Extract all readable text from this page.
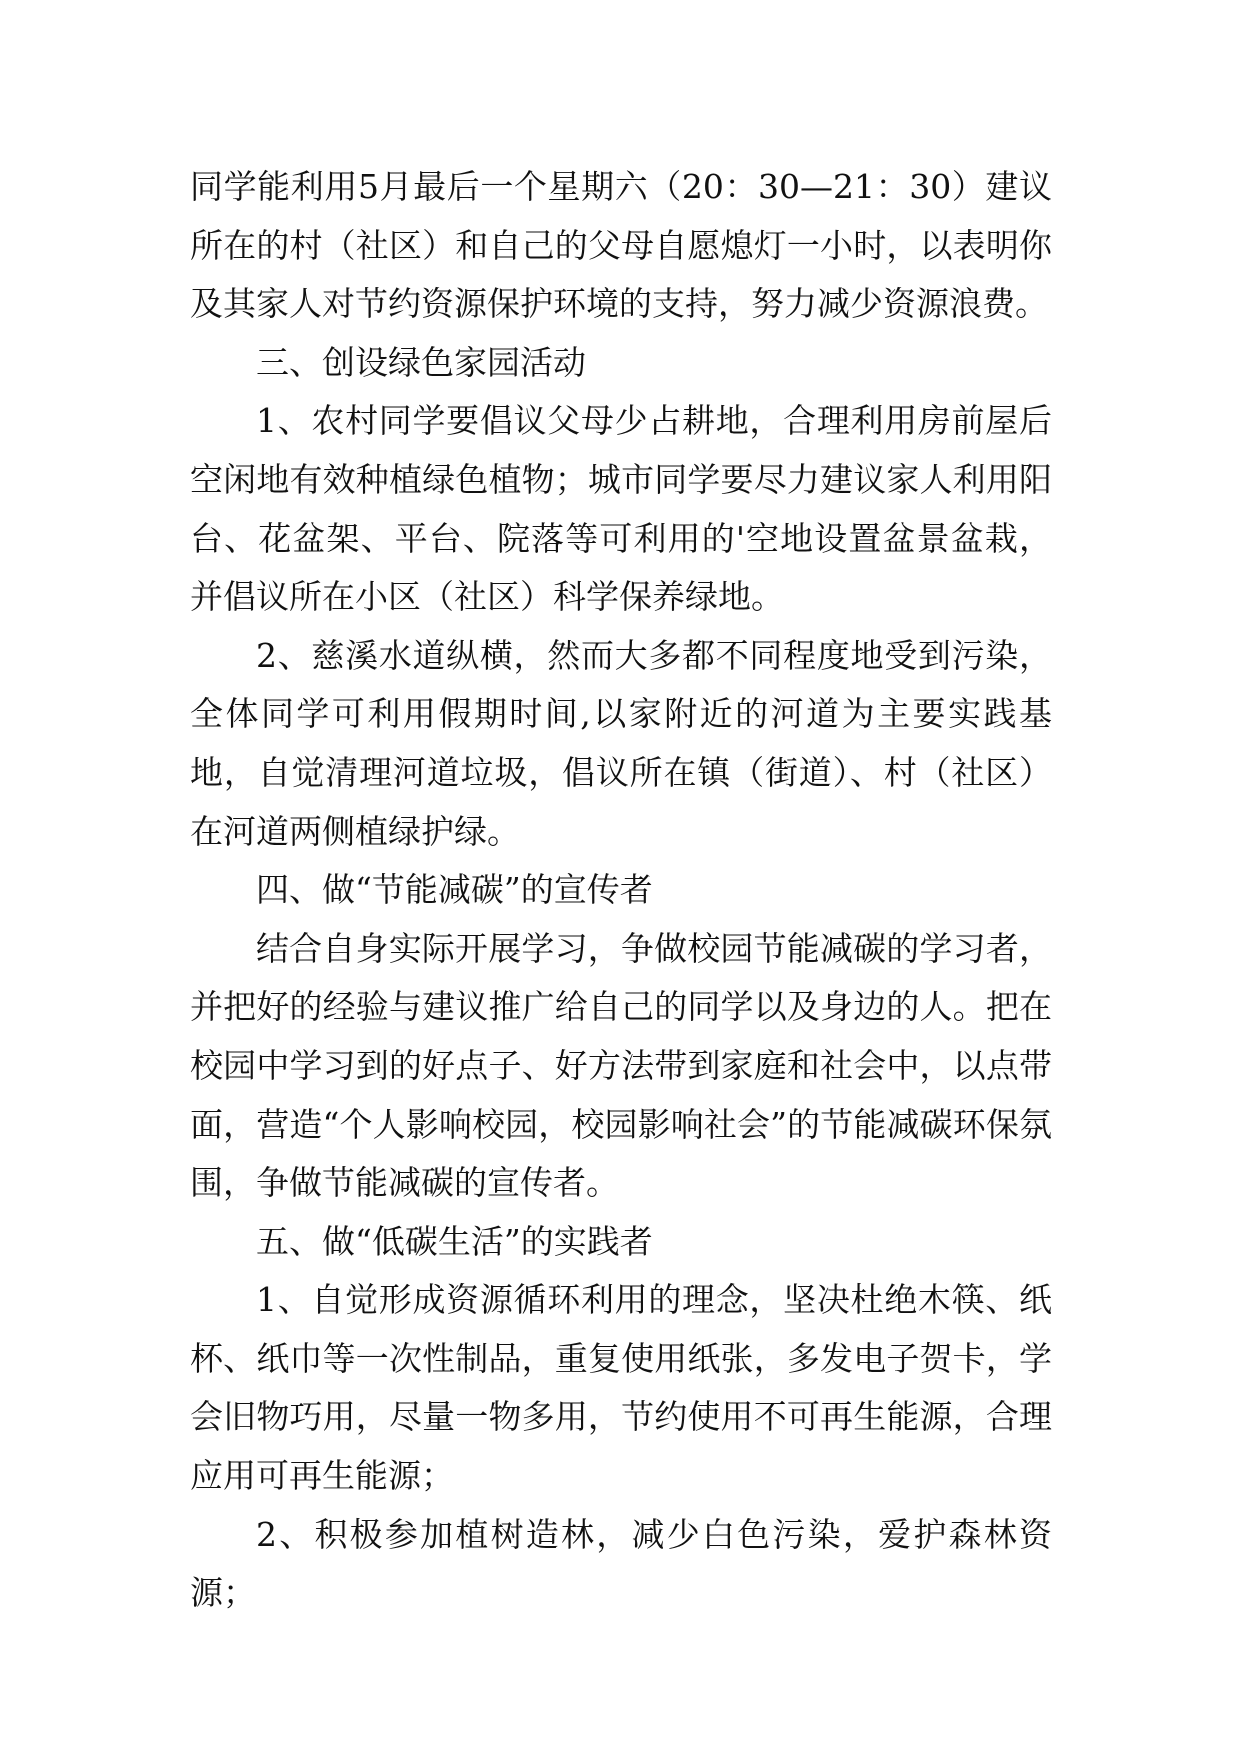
同学能利用5月最后一个星期六（20：30—21：30）建议所在的村（社区）和自己的父母自愿熄灯一小时，以表明你及其家人对节约资源保护环境的支持，努力减少资源浪费。

三、创设绿色家园活动

1、农村同学要倡议父母少占耕地，合理利用房前屋后空闲地有效种植绿色植物；城市同学要尽力建议家人利用阳台、花盆架、平台、院落等可利用的'空地设置盆景盆栽，并倡议所在小区（社区）科学保养绿地。

2、慈溪水道纵横，然而大多都不同程度地受到污染，全体同学可利用假期时间,以家附近的河道为主要实践基地，自觉清理河道垃圾，倡议所在镇（街道）、村（社区）在河道两侧植绿护绿。

四、做“节能减碳”的宣传者

结合自身实际开展学习，争做校园节能减碳的学习者，并把好的经验与建议推广给自己的同学以及身边的人。把在校园中学习到的好点子、好方法带到家庭和社会中，以点带面，营造“个人影响校园，校园影响社会”的节能减碳环保氛围，争做节能减碳的宣传者。

五、做“低碳生活”的实践者

1、自觉形成资源循环利用的理念，坚决杜绝木筷、纸杯、纸巾等一次性制品，重复使用纸张，多发电子贺卡，学会旧物巧用，尽量一物多用，节约使用不可再生能源，合理应用可再生能源；

2、积极参加植树造林，减少白色污染，爱护森林资源；
